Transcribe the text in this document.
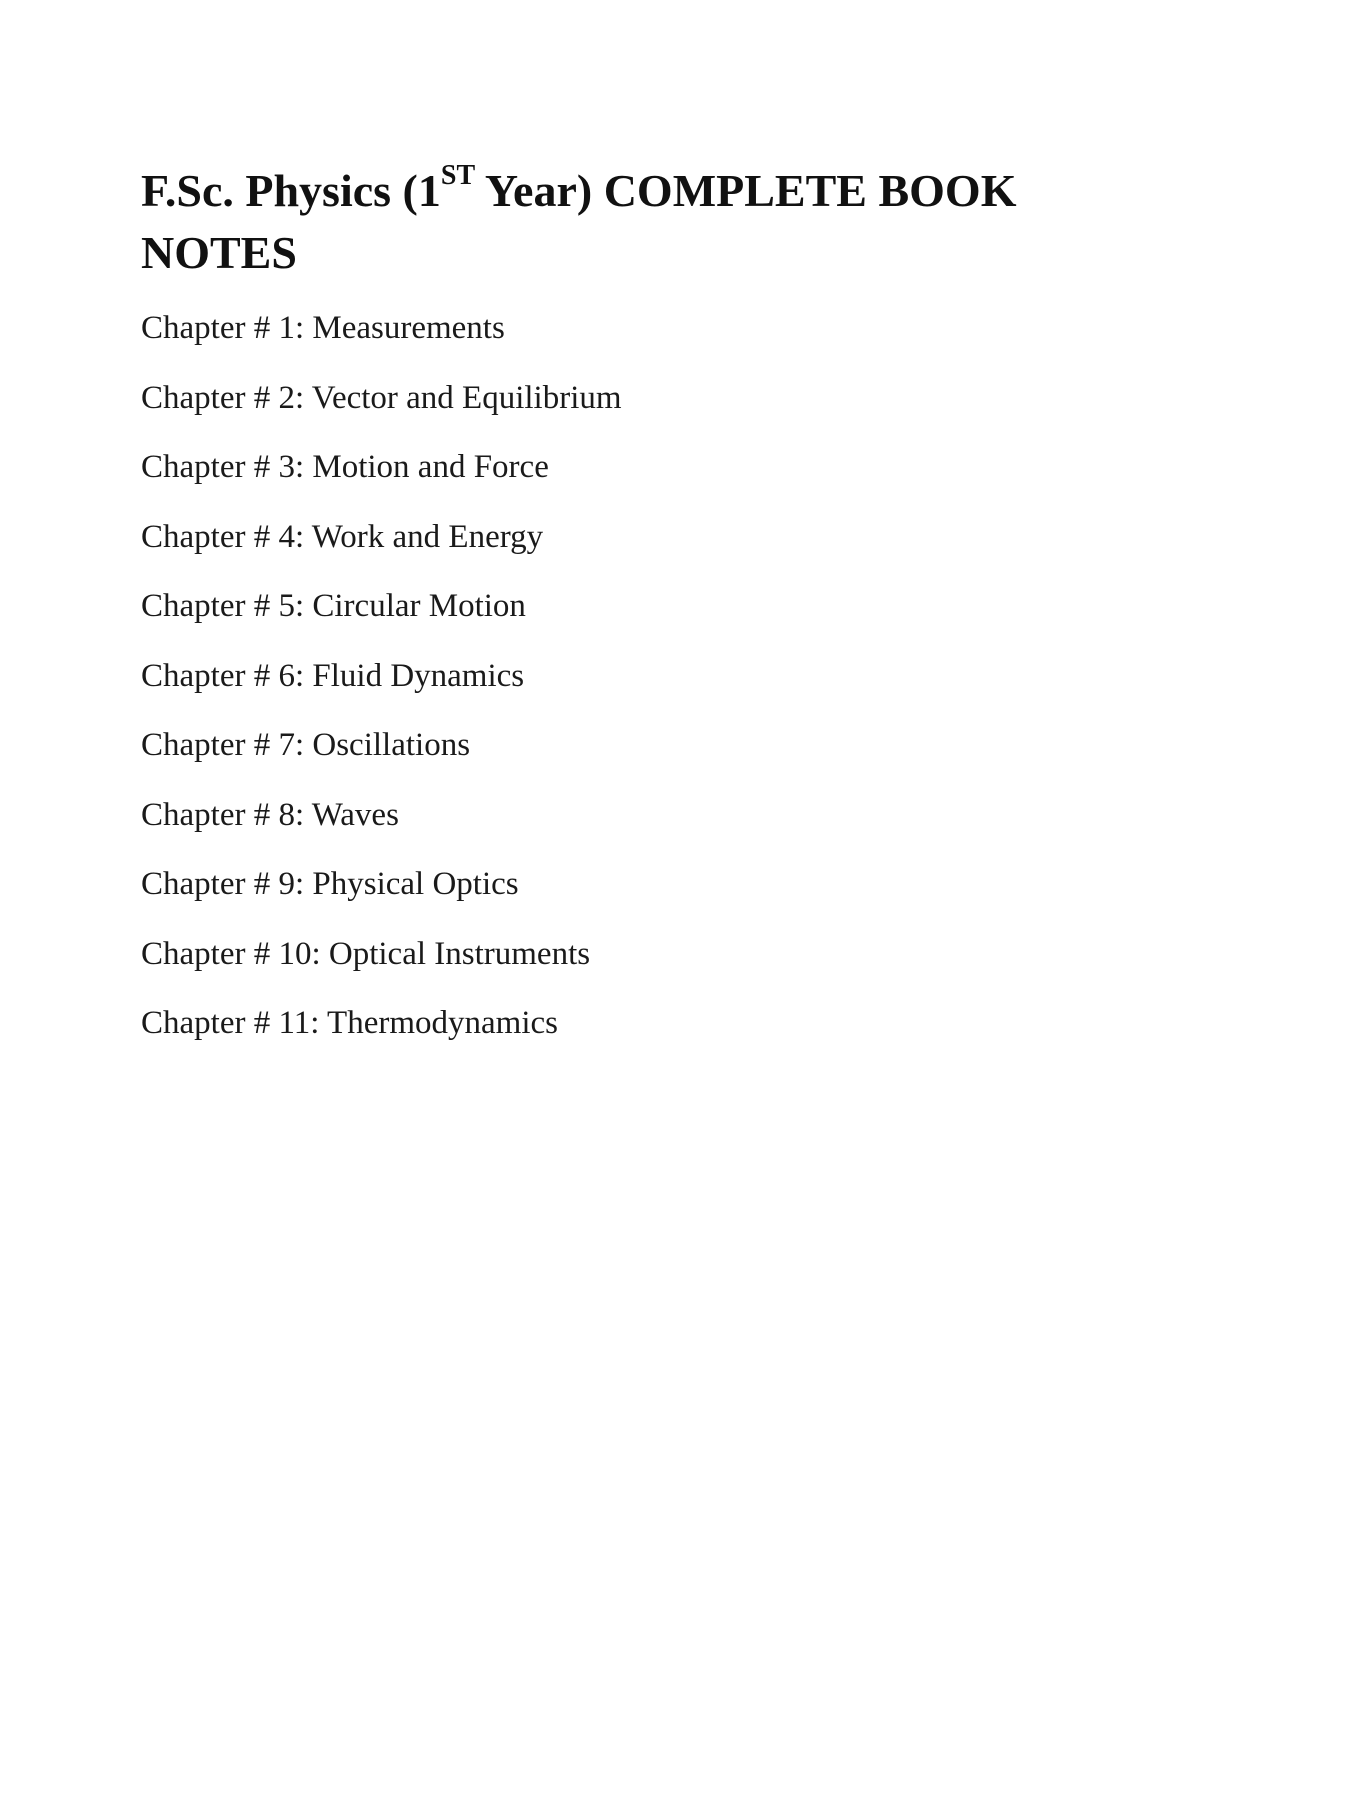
F.Sc. Physics (1ST Year) COMPLETE BOOK
NOTES
Chapter # 1: Measurements
Chapter # 2: Vector and Equilibrium
Chapter # 3: Motion and Force
Chapter # 4: Work and Energy
Chapter # 5: Circular Motion
Chapter # 6: Fluid Dynamics
Chapter # 7: Oscillations
Chapter # 8: Waves
Chapter # 9: Physical Optics
Chapter # 10: Optical Instruments
Chapter # 11: Thermodynamics
